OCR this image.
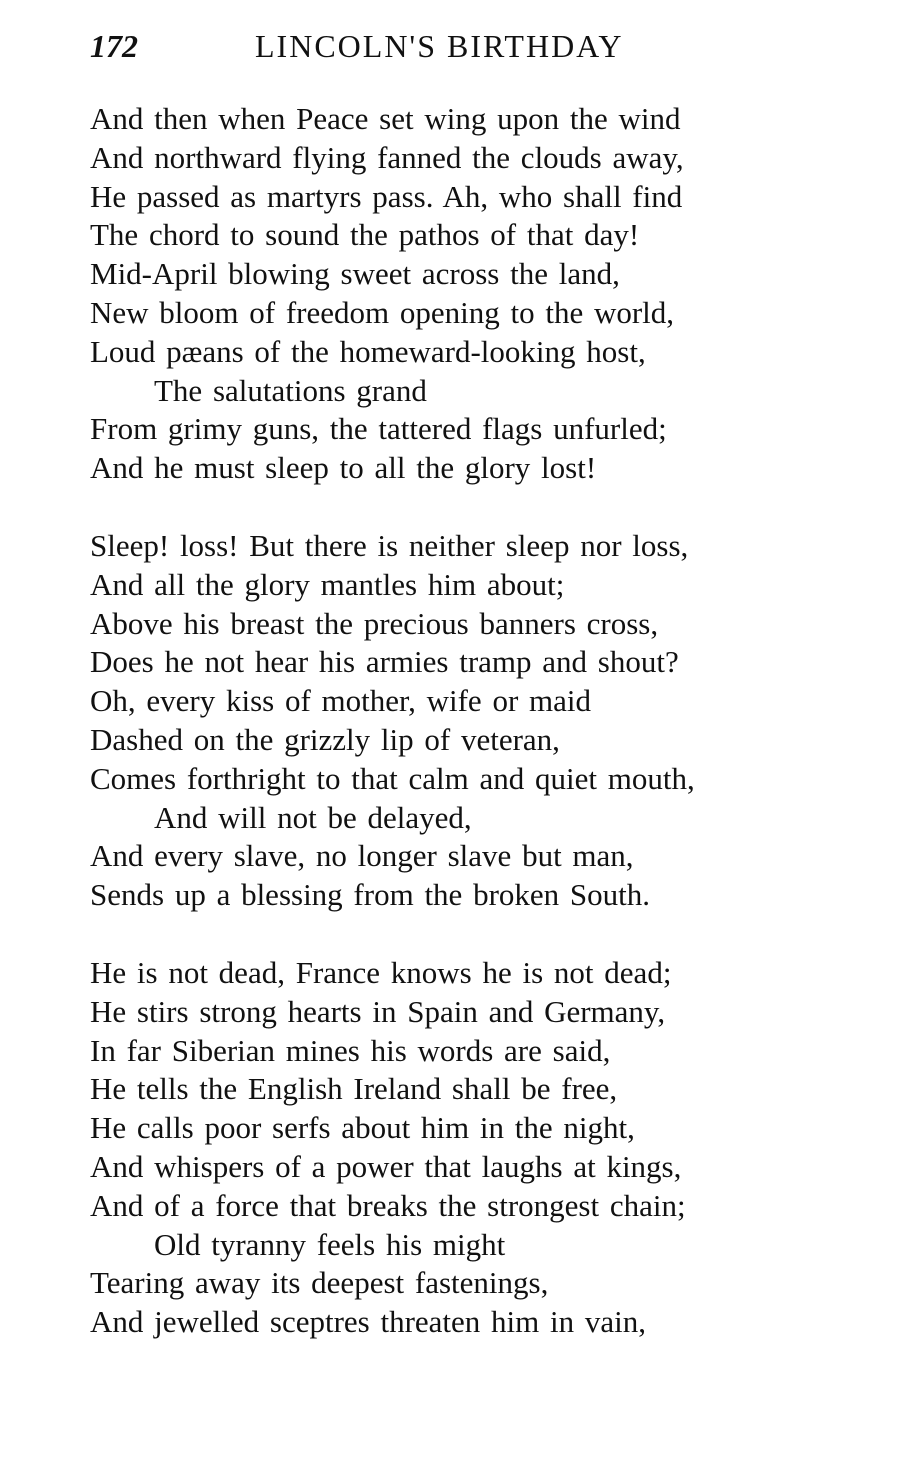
172	LINCOLN'S BIRTHDAY
And then when Peace set wing upon the wind
And northward flying fanned the clouds away,
He passed as martyrs pass. Ah, who shall find
The chord to sound the pathos of that day!
Mid-April blowing sweet across the land,
New bloom of freedom opening to the world,
Loud pæans of the homeward-looking host,
The salutations grand
From grimy guns, the tattered flags unfurled;
And he must sleep to all the glory lost!
Sleep! loss! But there is neither sleep nor loss,
And all the glory mantles him about;
Above his breast the precious banners cross,
Does he not hear his armies tramp and shout?
Oh, every kiss of mother, wife or maid
Dashed on the grizzly lip of veteran,
Comes forthright to that calm and quiet mouth,
And will not be delayed,
And every slave, no longer slave but man,
Sends up a blessing from the broken South.
He is not dead, France knows he is not dead;
He stirs strong hearts in Spain and Germany,
In far Siberian mines his words are said,
He tells the English Ireland shall be free,
He calls poor serfs about him in the night,
And whispers of a power that laughs at kings,
And of a force that breaks the strongest chain;
Old tyranny feels his might
Tearing away its deepest fastenings,
And jewelled sceptres threaten him in vain,
